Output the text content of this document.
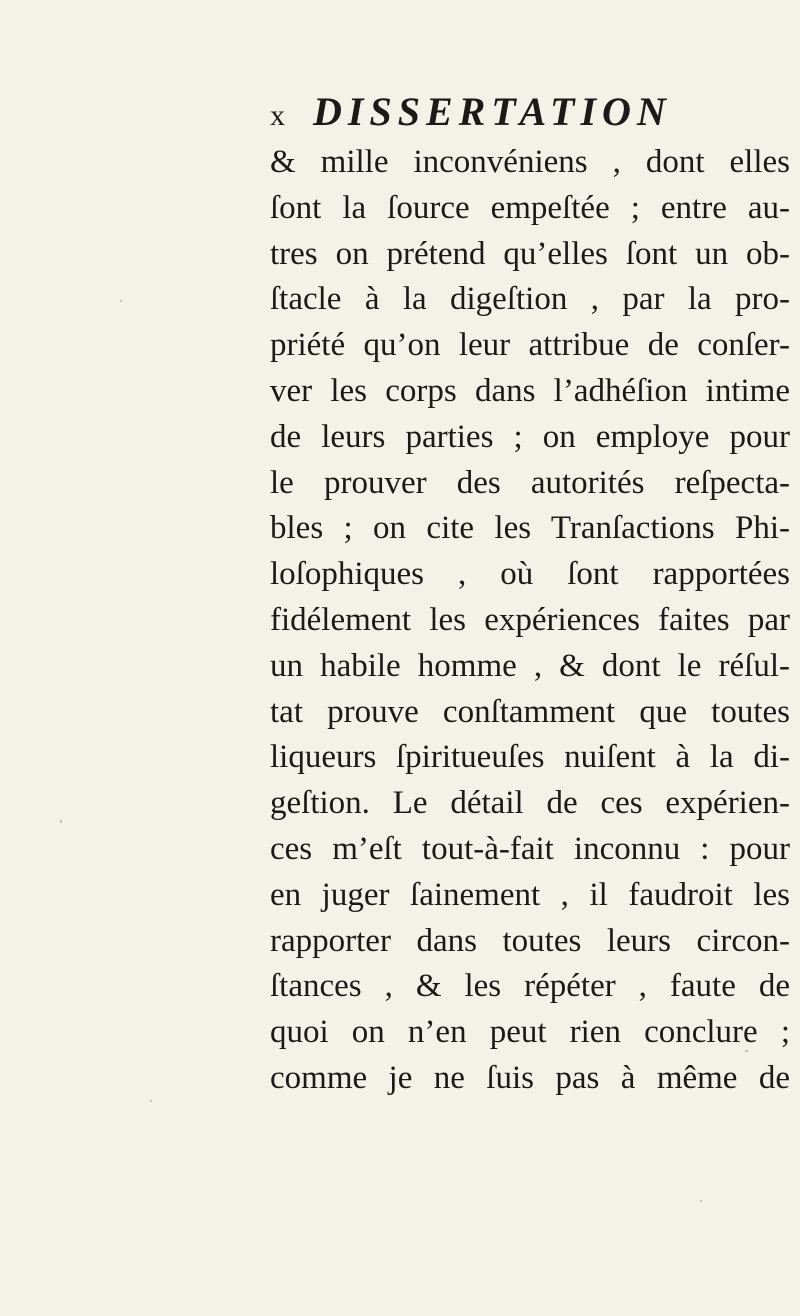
x DISSERTATION
& mille inconvéniens , dont elles
ſont la ſource empeſtée ; entre au-
tres on prétend qu’elles ſont un ob-
ſtacle à la digeſtion , par la pro-
priété qu’on leur attribue de conſer-
ver les corps dans l’adhéſion intime
de leurs parties ; on employe pour
le prouver des autorités reſpecta-
bles ; on cite les Tranſactions Phi-
loſophiques , où ſont rapportées
fidélement les expériences faites par
un habile homme , & dont le réſul-
tat prouve conſtamment que toutes
liqueurs ſpiritueuſes nuiſent à la di-
geſtion. Le détail de ces expérien-
ces m’eſt tout-à-fait inconnu : pour
en juger ſainement , il faudroit les
rapporter dans toutes leurs circon-
ſtances , & les répéter , faute de
quoi on n’en peut rien conclure ;
comme je ne ſuis pas à même de
